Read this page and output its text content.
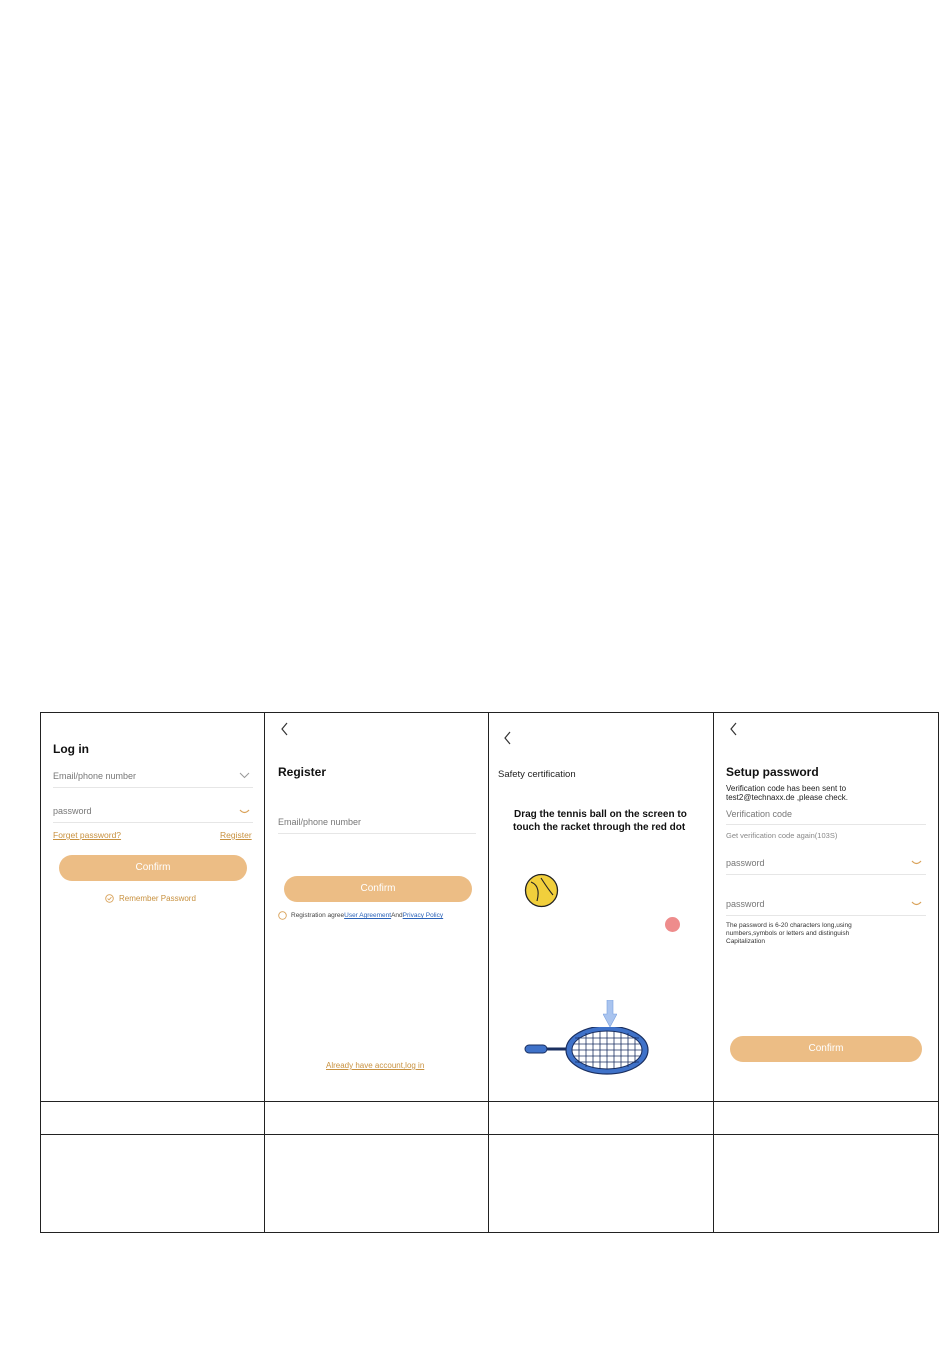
Log in
Email/phone number
password
Forget password?	Register
Confirm
Remember Password
Register
Email/phone number
Confirm
Registration agreeUser AgreementAndPrivacy Policy
Already have account,log in
Safety certification
Drag the tennis ball on the screen to
touch the racket through the red dot
Setup password
Verification code has been sent to
test2@technaxx.de ,please check.
Verification code
Get verification code again(103S)
password
password
The password is 6-20 characters long,using
numbers,symbols or letters and distinguish
Capitalization
Confirm
